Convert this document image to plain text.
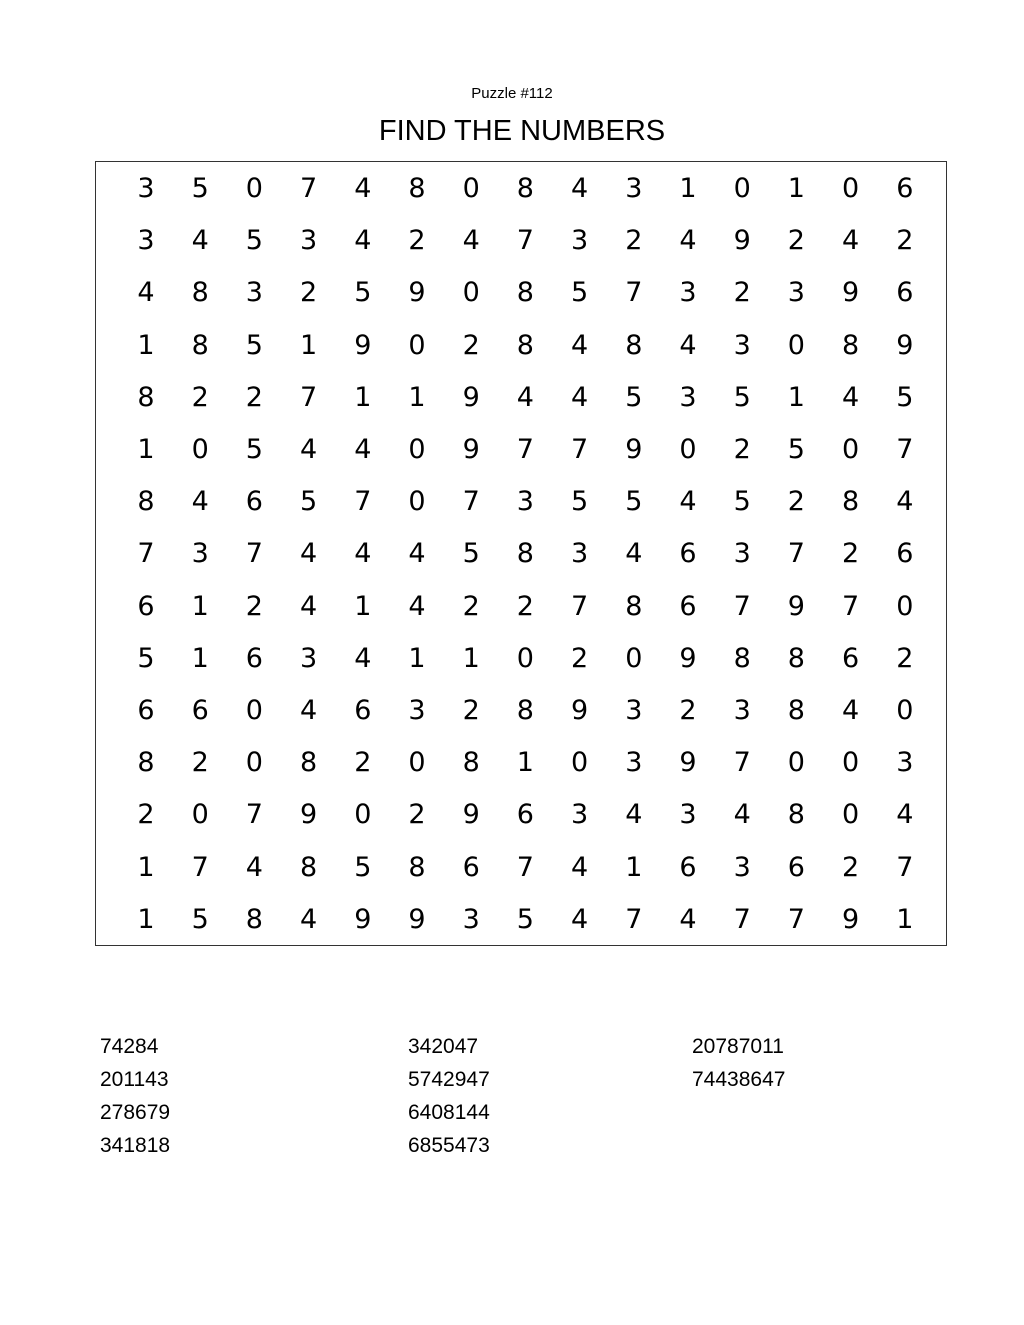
Puzzle #112
FIND THE NUMBERS
3	5	0	7	4	8	0	8	4	3	1	0	1	0	6
3	4	5	3	4	2	4	7	3	2	4	9	2	4	2
4	8	3	2	5	9	0	8	5	7	3	2	3	9	6
1	8	5	1	9	0	2	8	4	8	4	3	0	8	9
8	2	2	7	1	1	9	4	4	5	3	5	1	4	5
1	0	5	4	4	0	9	7	7	9	0	2	5	0	7
8	4	6	5	7	0	7	3	5	5	4	5	2	8	4
7	3	7	4	4	4	5	8	3	4	6	3	7	2	6
6	1	2	4	1	4	2	2	7	8	6	7	9	7	0
5	1	6	3	4	1	1	0	2	0	9	8	8	6	2
6	6	0	4	6	3	2	8	9	3	2	3	8	4	0
8	2	0	8	2	0	8	1	0	3	9	7	0	0	3
2	0	7	9	0	2	9	6	3	4	3	4	8	0	4
1	7	4	8	5	8	6	7	4	1	6	3	6	2	7
1	5	8	4	9	9	3	5	4	7	4	7	7	9	1
74284
201143
278679
341818
342047
5742947
6408144
6855473
20787011
74438647
